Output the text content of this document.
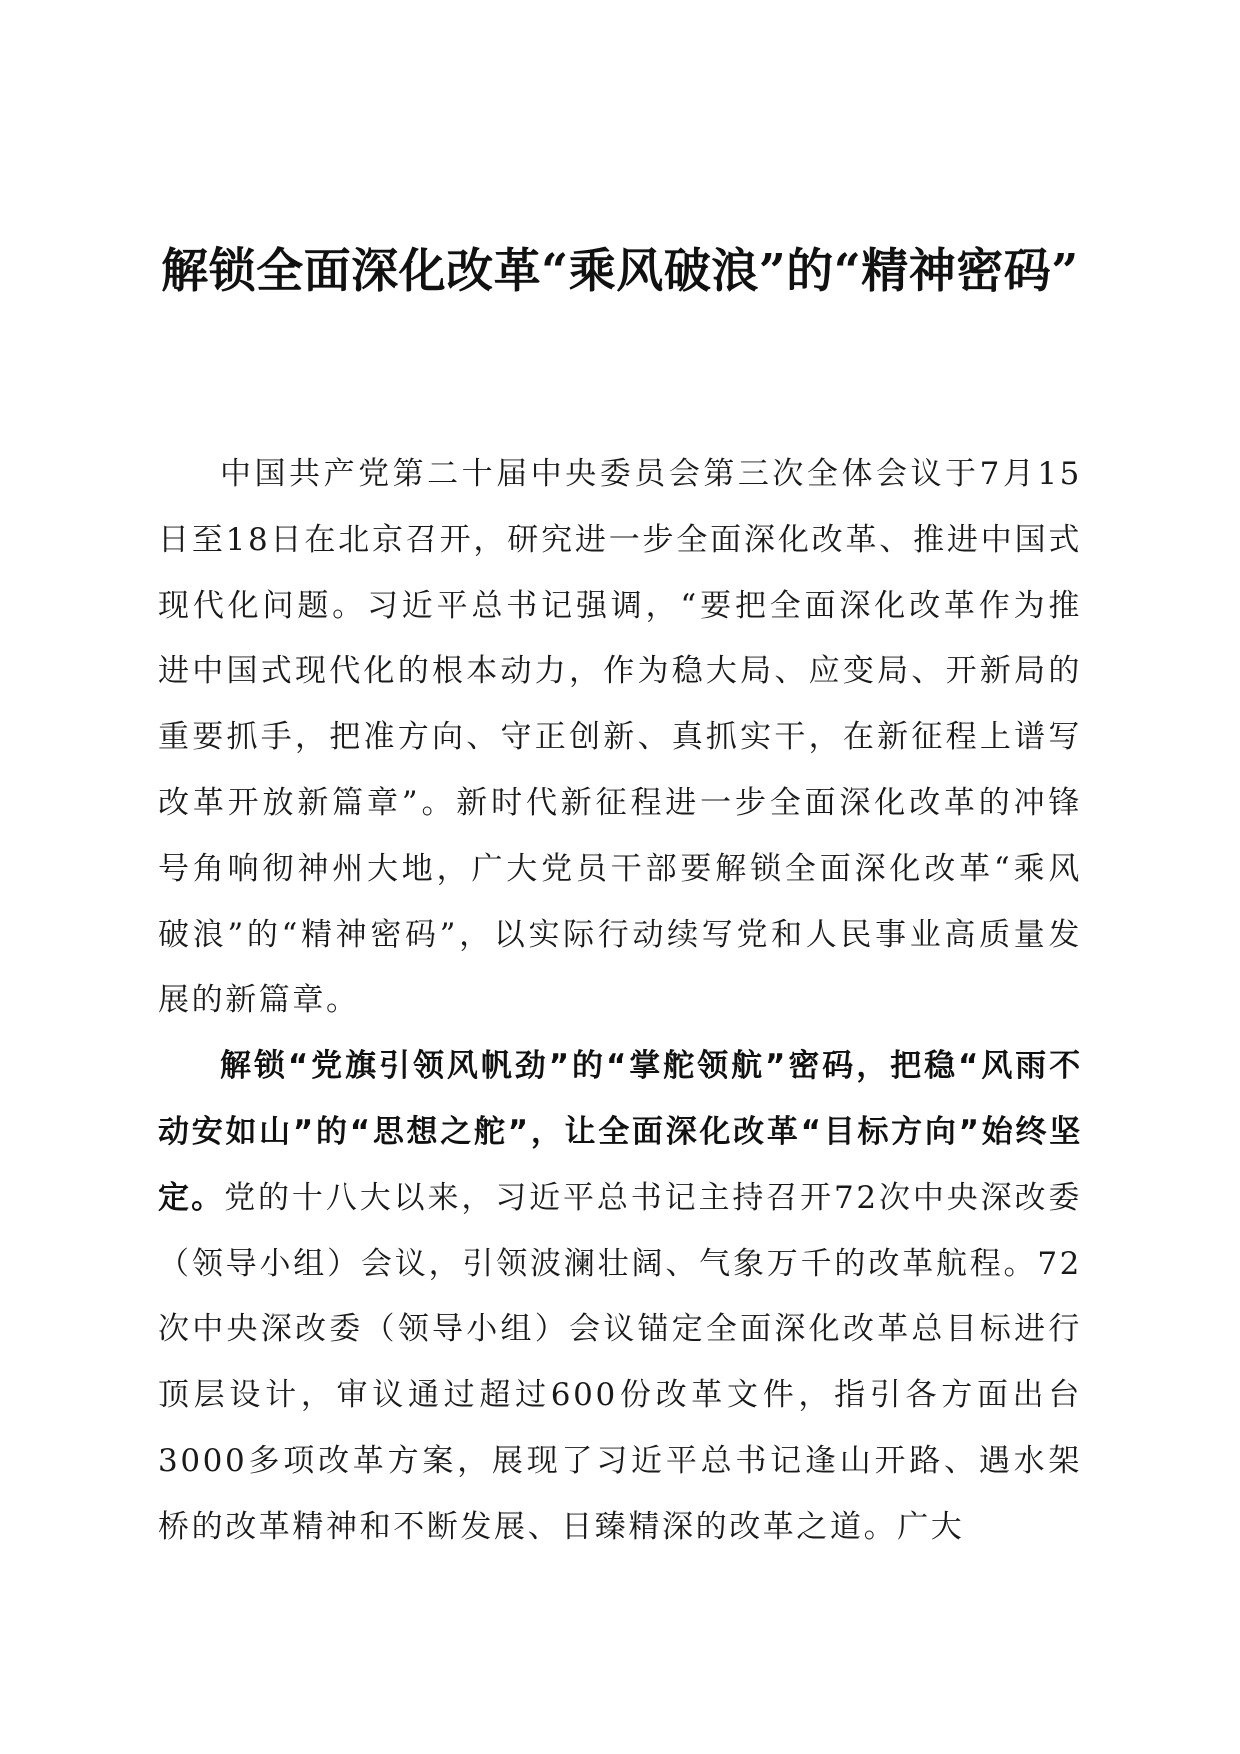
解锁全面深化改革“乘风破浪”的“精神密码”

中国共产党第二十届中央委员会第三次全体会议于7月15日至18日在北京召开，研究进一步全面深化改革、推进中国式现代化问题。习近平总书记强调，“要把全面深化改革作为推进中国式现代化的根本动力，作为稳大局、应变局、开新局的重要抓手，把准方向、守正创新、真抓实干，在新征程上谱写改革开放新篇章”。新时代新征程进一步全面深化改革的冲锋号角响彻神州大地，广大党员干部要解锁全面深化改革“乘风破浪”的“精神密码”，以实际行动续写党和人民事业高质量发展的新篇章。

解锁“党旗引领风帆劲”的“掌舵领航”密码，把稳“风雨不动安如山”的“思想之舵”，让全面深化改革“目标方向”始终坚定。党的十八大以来，习近平总书记主持召开72次中央深改委（领导小组）会议，引领波澜壮阔、气象万千的改革航程。72次中央深改委（领导小组）会议锚定全面深化改革总目标进行顶层设计，审议通过超过600份改革文件，指引各方面出台3000多项改革方案，展现了习近平总书记逢山开路、遇水架桥的改革精神和不断发展、日臻精深的改革之道。广大
